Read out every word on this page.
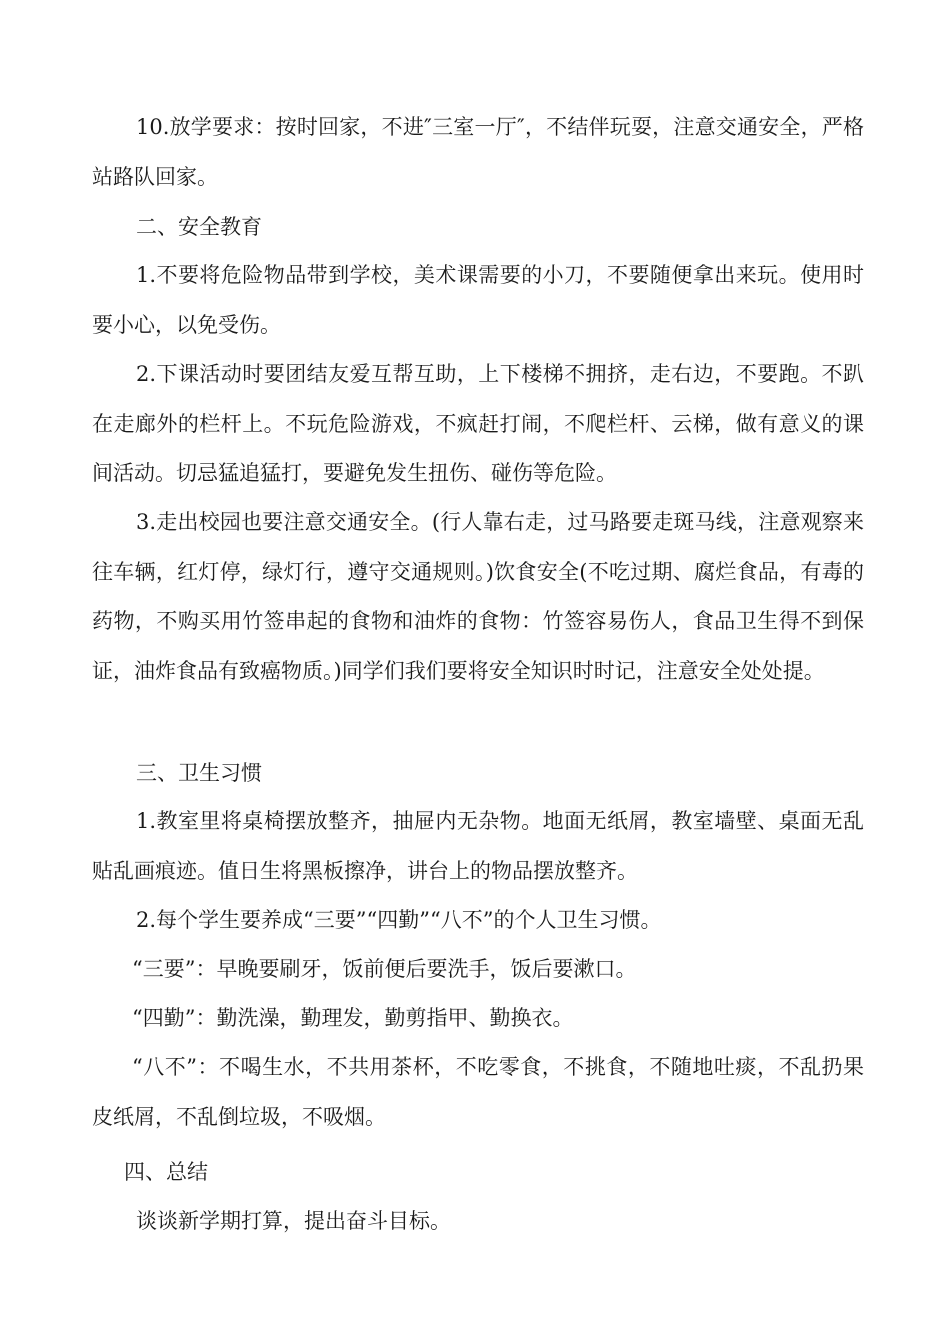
10.放学要求：按时回家，不进″三室一厅″，不结伴玩耍，注意交通安全，严格站路队回家。

二、安全教育

1.不要将危险物品带到学校，美术课需要的小刀，不要随便拿出来玩。使用时要小心，以免受伤。

2.下课活动时要团结友爱互帮互助，上下楼梯不拥挤，走右边，不要跑。不趴在走廊外的栏杆上。不玩危险游戏，不疯赶打闹，不爬栏杆、云梯，做有意义的课间活动。切忌猛追猛打，要避免发生扭伤、碰伤等危险。

3.走出校园也要注意交通安全。(行人靠右走，过马路要走斑马线，注意观察来往车辆，红灯停，绿灯行，遵守交通规则。)饮食安全(不吃过期、腐烂食品，有毒的药物，不购买用竹签串起的食物和油炸的食物：竹签容易伤人，食品卫生得不到保证，油炸食品有致癌物质。)同学们我们要将安全知识时时记，注意安全处处提。

三、卫生习惯

1.教室里将桌椅摆放整齐，抽屉内无杂物。地面无纸屑，教室墙壁、桌面无乱贴乱画痕迹。值日生将黑板擦净，讲台上的物品摆放整齐。

2.每个学生要养成“三要”“四勤”“八不”的个人卫生习惯。

“三要”：早晚要刷牙，饭前便后要洗手，饭后要漱口。

“四勤”：勤洗澡，勤理发，勤剪指甲、勤换衣。

“八不”：不喝生水，不共用茶杯，不吃零食，不挑食，不随地吐痰，不乱扔果皮纸屑，不乱倒垃圾，不吸烟。

四、总结

谈谈新学期打算，提出奋斗目标。
